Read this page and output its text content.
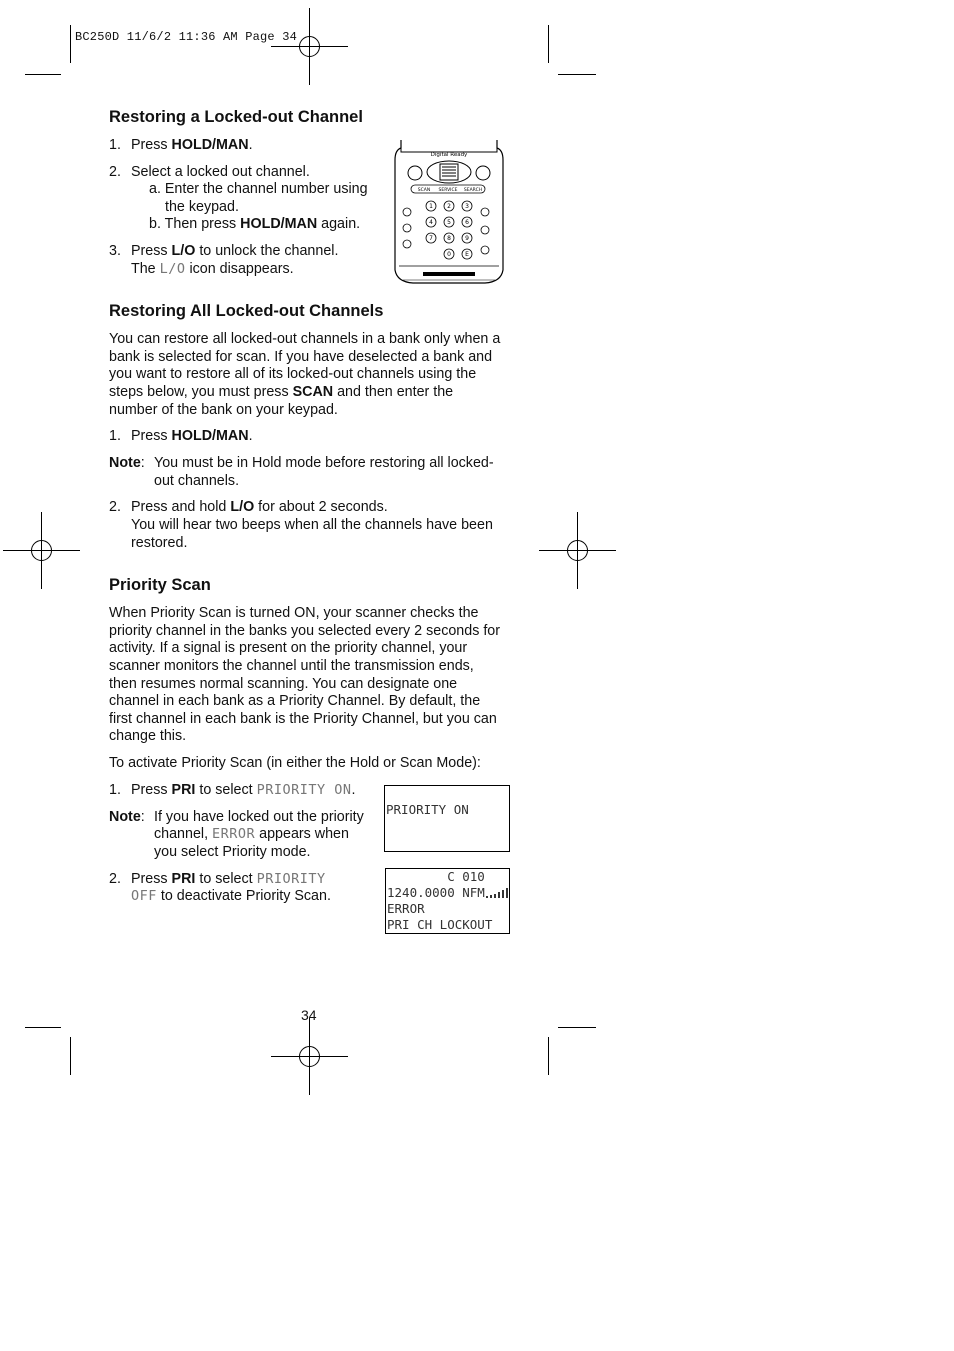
BC250D 11/6/2 11:36 AM Page 34
Restoring a Locked-out Channel
1. Press HOLD/MAN.

2. Select a locked out channel.

a. Enter the channel number using

the keypad.

b. Then press HOLD/MAN again.

3. Press L/O to unlock the channel.

The L/O icon disappears.

Digital Ready
SCAN SERVICE SEARCH
1 2 3
4 5 6
7 8 9
0 E
Restoring All Locked-out Channels

You can restore all locked-out channels in a bank only when a

bank is selected for scan. If you have deselected a bank and

you want to restore all of its locked-out channels using the

steps below, you must press SCAN and then enter the

number of the bank on your keypad.

1. Press HOLD/MAN.

Note: You must be in Hold mode before restoring all locked-

out channels.

2. Press and hold L/O for about 2 seconds.

You will hear two beeps when all the channels have been

restored.

Priority Scan

When Priority Scan is turned ON, your scanner checks the

priority channel in the banks you selected every 2 seconds for

activity. If a signal is present on the priority channel, your

scanner monitors the channel until the transmission ends,

then resumes normal scanning. You can designate one

channel in each bank as a Priority Channel. By default, the

first channel in each bank is the Priority Channel, but you can

change this.

To activate Priority Scan (in either the Hold or Scan Mode):

1. Press PRI to select PRIORITY ON.

Note: If you have locked out the priority

channel, ERROR appears when

you select Priority mode.

2. Press PRI to select PRIORITY

OFF to deactivate Priority Scan.

PRIORITY ON
C 010
1240.0000 NFM
ERROR
PRI CH LOCKOUT
34
